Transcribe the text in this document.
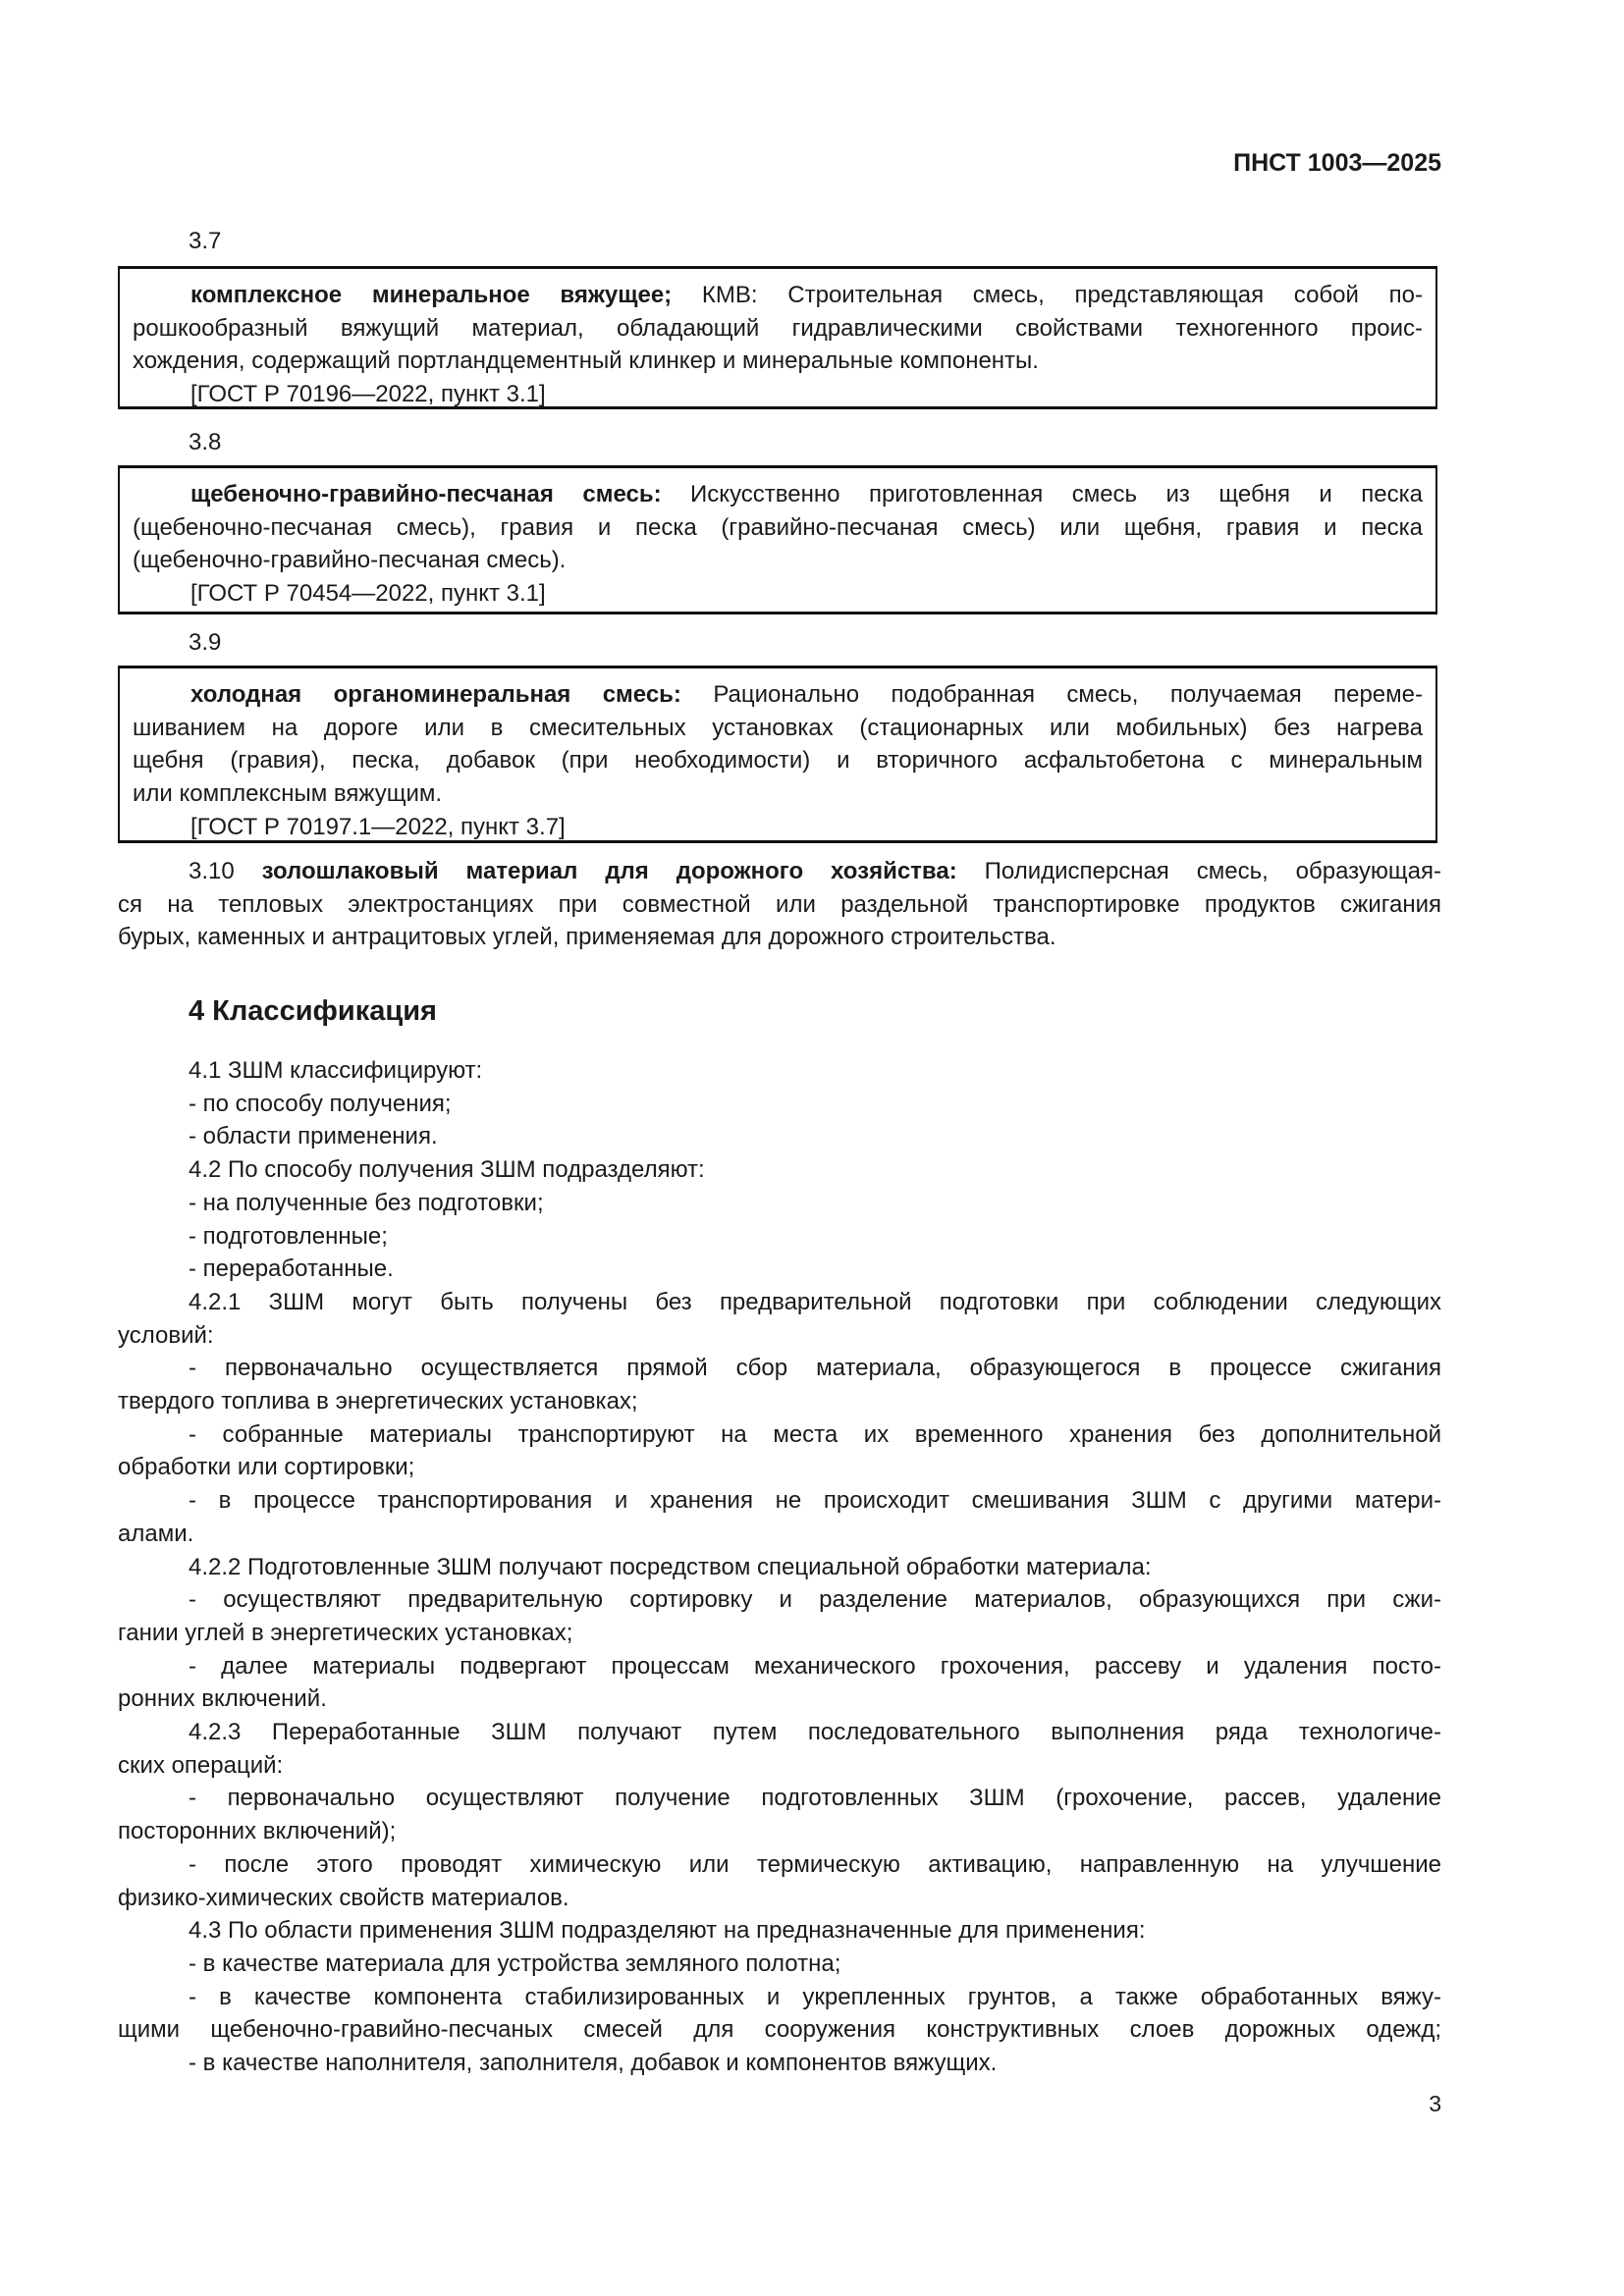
ПНСТ 1003—2025
3.7
комплексное минеральное вяжущее; КМВ: Строительная смесь, представляющая собой по-
рошкообразный вяжущий материал, обладающий гидравлическими свойствами техногенного проис-
хождения, содержащий портландцементный клинкер и минеральные компоненты.
[ГОСТ Р 70196—2022, пункт 3.1]
3.8
щебеночно-гравийно-песчаная смесь: Искусственно приготовленная смесь из щебня и песка
(щебеночно-песчаная смесь), гравия и песка (гравийно-песчаная смесь) или щебня, гравия и песка
(щебеночно-гравийно-песчаная смесь).
[ГОСТ Р 70454—2022, пункт 3.1]
3.9
холодная органоминеральная смесь: Рационально подобранная смесь, получаемая переме-
шиванием на дороге или в смесительных установках (стационарных или мобильных) без нагрева
щебня (гравия), песка, добавок (при необходимости) и вторичного асфальтобетона с минеральным
или комплексным вяжущим.
[ГОСТ Р 70197.1—2022, пункт 3.7]
3.10 золошлаковый материал для дорожного хозяйства: Полидисперсная смесь, образующая-
ся на тепловых электростанциях при совместной или раздельной транспортировке продуктов сжигания
бурых, каменных и антрацитовых углей, применяемая для дорожного строительства.
4 Классификация
4.1 ЗШМ классифицируют:
- по способу получения;
- области применения.
4.2 По способу получения ЗШМ подразделяют:
- на полученные без подготовки;
- подготовленные;
- переработанные.
4.2.1 ЗШМ могут быть получены без предварительной подготовки при соблюдении следующих
условий:
- первоначально осуществляется прямой сбор материала, образующегося в процессе сжигания
твердого топлива в энергетических установках;
- собранные материалы транспортируют на места их временного хранения без дополнительной
обработки или сортировки;
- в процессе транспортирования и хранения не происходит смешивания ЗШМ с другими матери-
алами.
4.2.2 Подготовленные ЗШМ получают посредством специальной обработки материала:
- осуществляют предварительную сортировку и разделение материалов, образующихся при сжи-
гании углей в энергетических установках;
- далее материалы подвергают процессам механического грохочения, рассеву и удаления посто-
ронних включений.
4.2.3 Переработанные ЗШМ получают путем последовательного выполнения ряда технологиче-
ских операций:
- первоначально осуществляют получение подготовленных ЗШМ (грохочение, рассев, удаление
посторонних включений);
- после этого проводят химическую или термическую активацию, направленную на улучшение
физико-химических свойств материалов.
4.3 По области применения ЗШМ подразделяют на предназначенные для применения:
- в качестве материала для устройства земляного полотна;
- в качестве компонента стабилизированных и укрепленных грунтов, а также обработанных вяжу-
щими щебеночно-гравийно-песчаных смесей для сооружения конструктивных слоев дорожных одежд;
- в качестве наполнителя, заполнителя, добавок и компонентов вяжущих.
3
